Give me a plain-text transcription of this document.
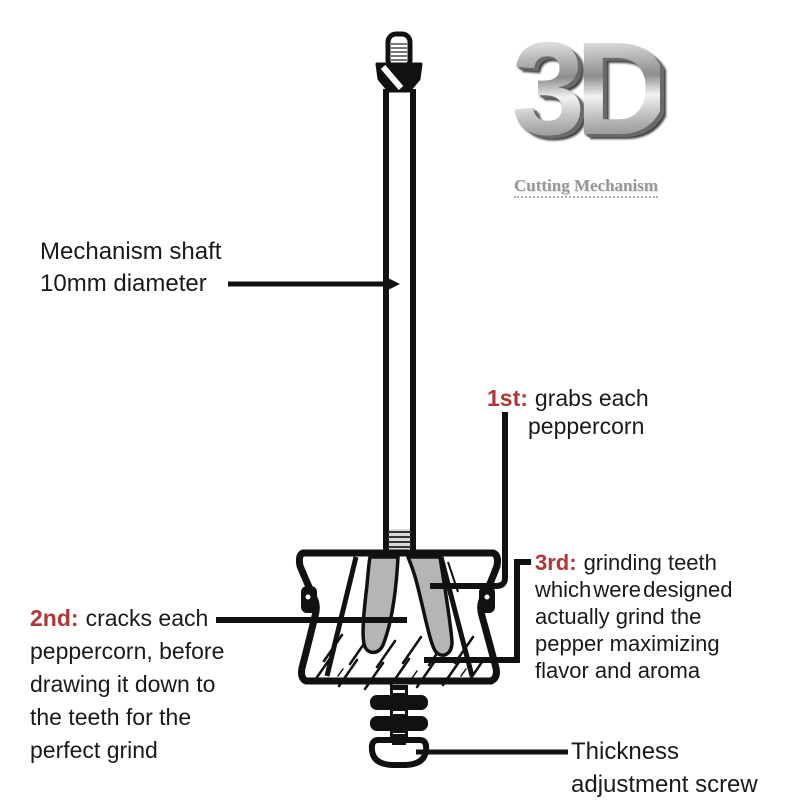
3D
Cutting Mechanism
Mechanism shaft
10mm diameter
1st: grabs each
peppercorn
2nd: cracks each
peppercorn, before
drawing it down to
the teeth for the
perfect grind
3rd: grinding teeth
which were designed
actually grind the
pepper maximizing
flavor and aroma
Thickness
adjustment screw
